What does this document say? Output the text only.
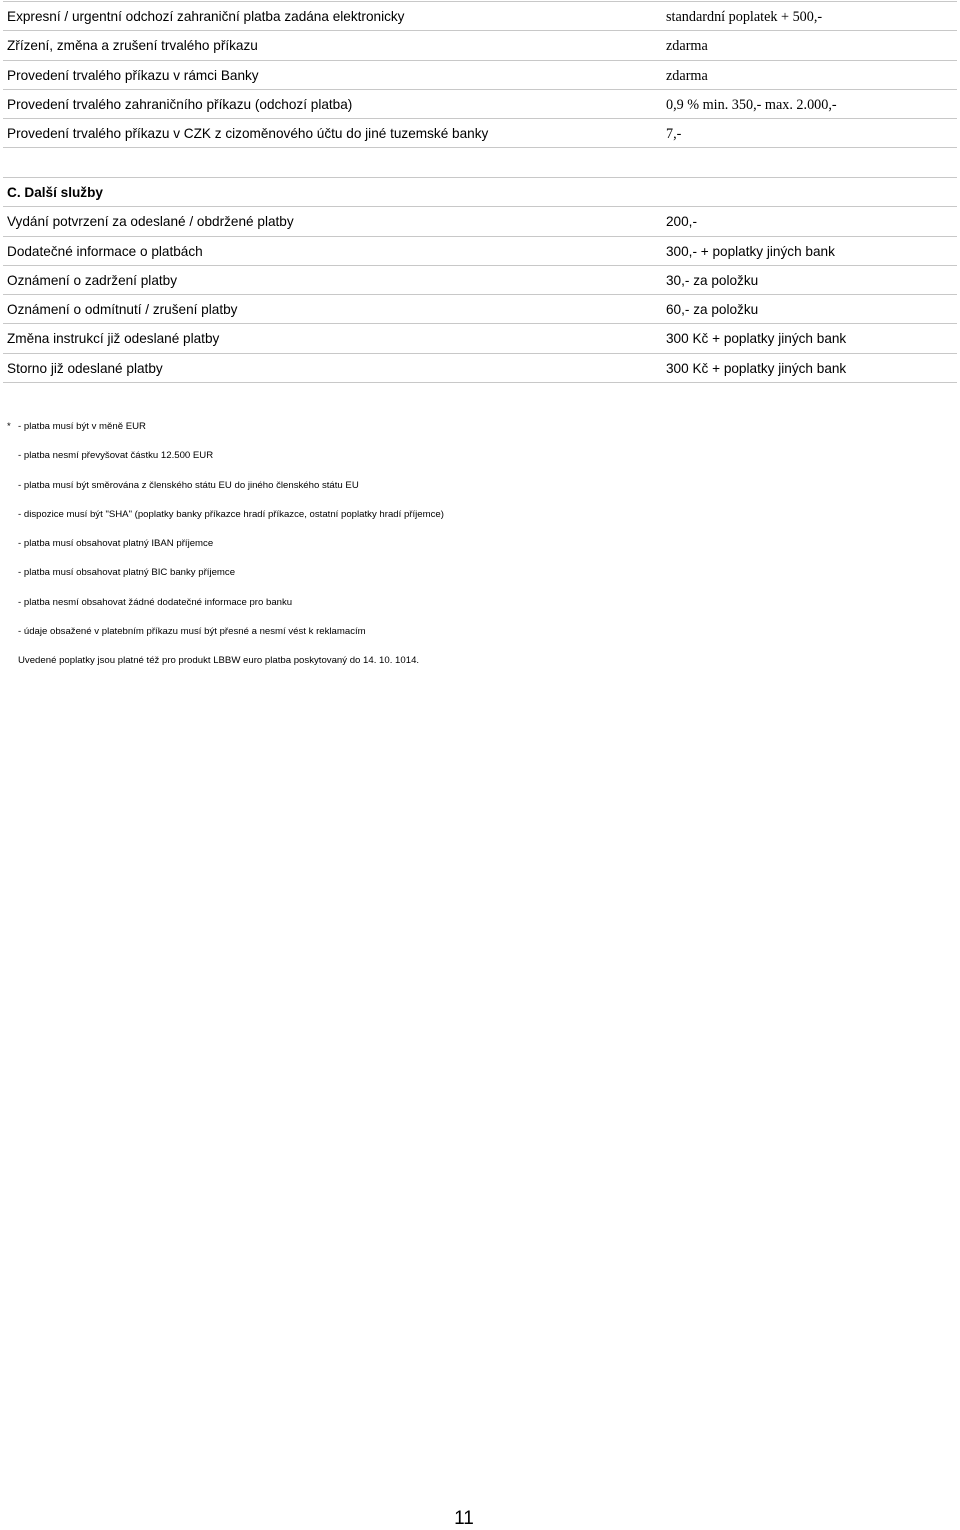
Expresní / urgentní odchozí zahraniční platba zadána elektronicky	standardní poplatek + 500,-
Zřízení, změna a zrušení trvalého příkazu	zdarma
Provedení trvalého příkazu v rámci Banky	zdarma
Provedení trvalého zahraničního příkazu (odchozí platba)	0,9 % min. 350,- max. 2.000,-
Provedení trvalého příkazu v CZK z cizoměnového účtu do jiné tuzemské banky	7,-
C. Další služby
Vydání potvrzení za odeslané / obdržené platby	200,-
Dodatečné informace o platbách	300,- + poplatky jiných bank
Oznámení o zadržení platby	30,- za položku
Oznámení o odmítnutí / zrušení platby	60,- za položku
Změna instrukcí již odeslané platby	300 Kč + poplatky jiných bank
Storno již odeslané platby	300 Kč + poplatky jiných bank
* - platba musí být v měně EUR
- platba nesmí převyšovat částku 12.500 EUR
- platba musí být směrována z členského státu EU do jiného členského státu EU
- dispozice musí být "SHA" (poplatky banky příkazce hradí příkazce, ostatní poplatky hradí příjemce)
- platba musí obsahovat platný IBAN příjemce
- platba musí obsahovat platný BIC banky příjemce
- platba nesmí obsahovat žádné dodatečné informace pro banku
- údaje obsažené v platebním příkazu musí být přesné a nesmí vést k reklamacím
Uvedené poplatky jsou platné též pro produkt LBBW euro platba poskytovaný do 14. 10. 1014.
11
